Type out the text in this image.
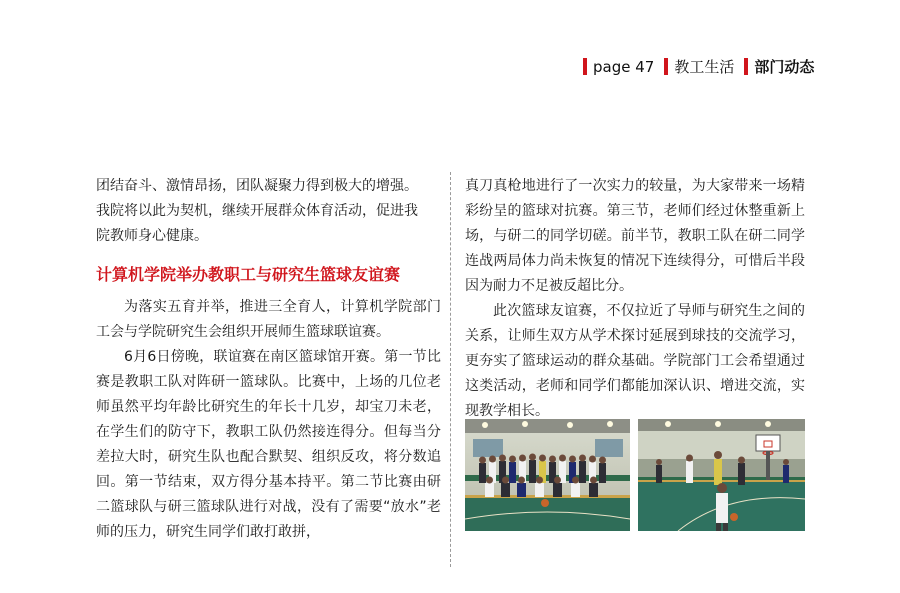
page 47 教工生活 部门动态

团结奋斗、激情昂扬，团队凝聚力得到极大的增强。

我院将以此为契机，继续开展群众体育活动，促进我

院教师身心健康。

计算机学院举办教职工与研究生篮球友谊赛

为落实五育并举，推进三全育人，计算机学院部门工会与学院研究生会组织开展师生篮球联谊赛。

6月6日傍晚，联谊赛在南区篮球馆开赛。第一节比赛是教职工队对阵研一篮球队。比赛中，上场的几位老师虽然平均年龄比研究生的年长十几岁，却宝刀未老，在学生们的防守下，教职工队仍然接连得分。但每当分差拉大时，研究生队也配合默契、组织反攻，将分数追回。第一节结束，双方得分基本持平。第二节比赛由研二篮球队与研三篮球队进行对战，没有了需要“放水”老师的压力，研究生同学们敢打敢拼，

真刀真枪地进行了一次实力的较量，为大家带来一场精彩纷呈的篮球对抗赛。第三节，老师们经过休整重新上场，与研二的同学切磋。前半节，教职工队在研二同学连战两局体力尚未恢复的情况下连续得分，可惜后半段因为耐力不足被反超比分。

此次篮球友谊赛，不仅拉近了导师与研究生之间的关系，让师生双方从学术探讨延展到球技的交流学习，更夯实了篮球运动的群众基础。学院部门工会希望通过这类活动，老师和同学们都能加深认识、增进交流，实现教学相长。
